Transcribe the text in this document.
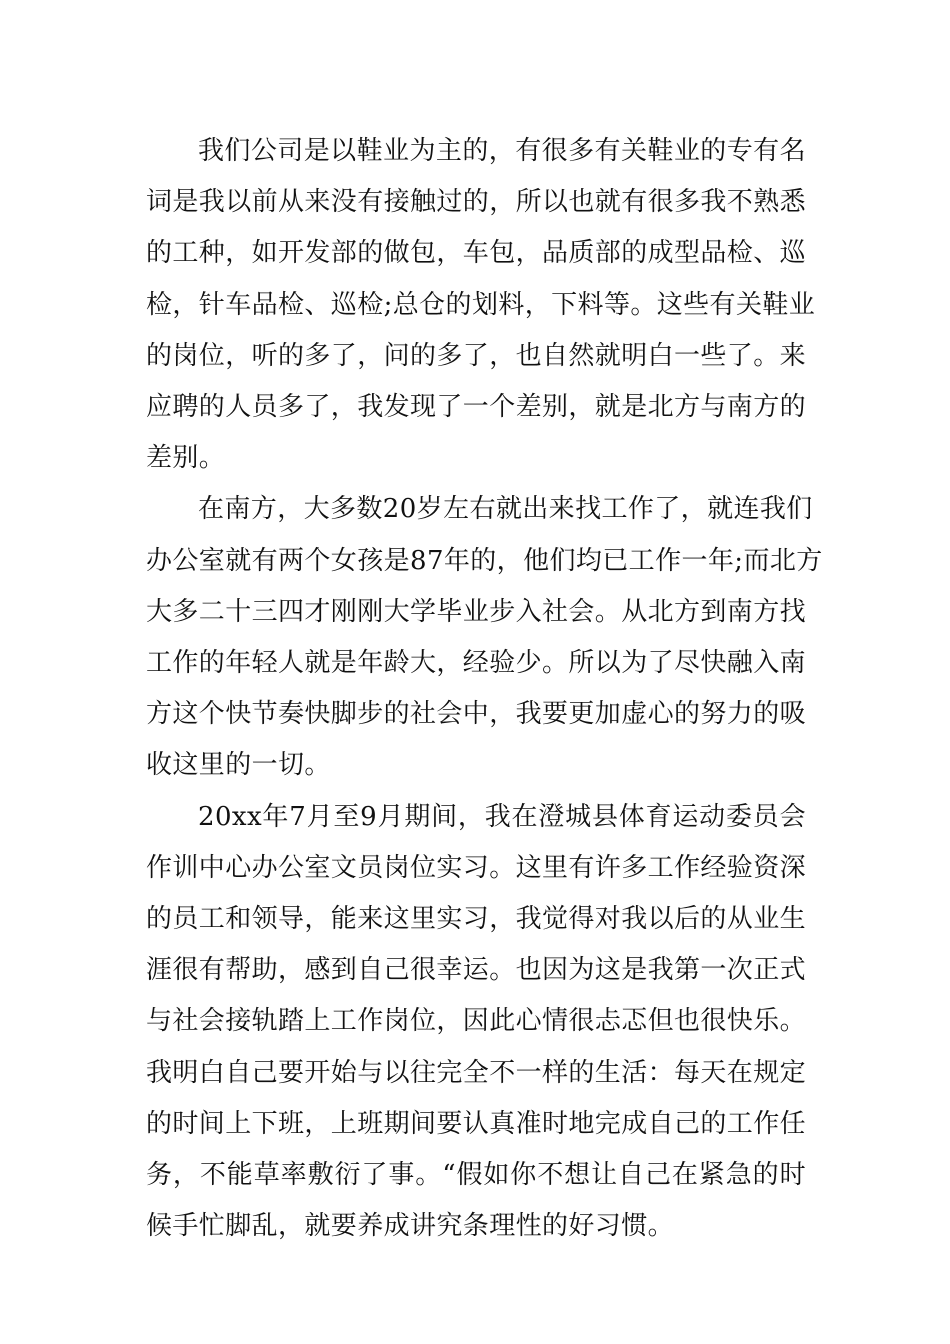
我们公司是以鞋业为主的，有很多有关鞋业的专有名
词是我以前从来没有接触过的，所以也就有很多我不熟悉
的工种，如开发部的做包，车包，品质部的成型品检、巡
检，针车品检、巡检;总仓的划料，下料等。这些有关鞋业
的岗位，听的多了，问的多了，也自然就明白一些了。来
应聘的人员多了，我发现了一个差别，就是北方与南方的
差别。

在南方，大多数20岁左右就出来找工作了，就连我们
办公室就有两个女孩是87年的，他们均已工作一年;而北方
大多二十三四才刚刚大学毕业步入社会。从北方到南方找
工作的年轻人就是年龄大，经验少。所以为了尽快融入南
方这个快节奏快脚步的社会中，我要更加虚心的努力的吸
收这里的一切。

20xx年7月至9月期间，我在澄城县体育运动委员会
作训中心办公室文员岗位实习。这里有许多工作经验资深
的员工和领导，能来这里实习，我觉得对我以后的从业生
涯很有帮助，感到自己很幸运。也因为这是我第一次正式
与社会接轨踏上工作岗位，因此心情很忐忑但也很快乐。
我明白自己要开始与以往完全不一样的生活：每天在规定
的时间上下班，上班期间要认真准时地完成自己的工作任
务，不能草率敷衍了事。“假如你不想让自己在紧急的时
候手忙脚乱，就要养成讲究条理性的好习惯。
